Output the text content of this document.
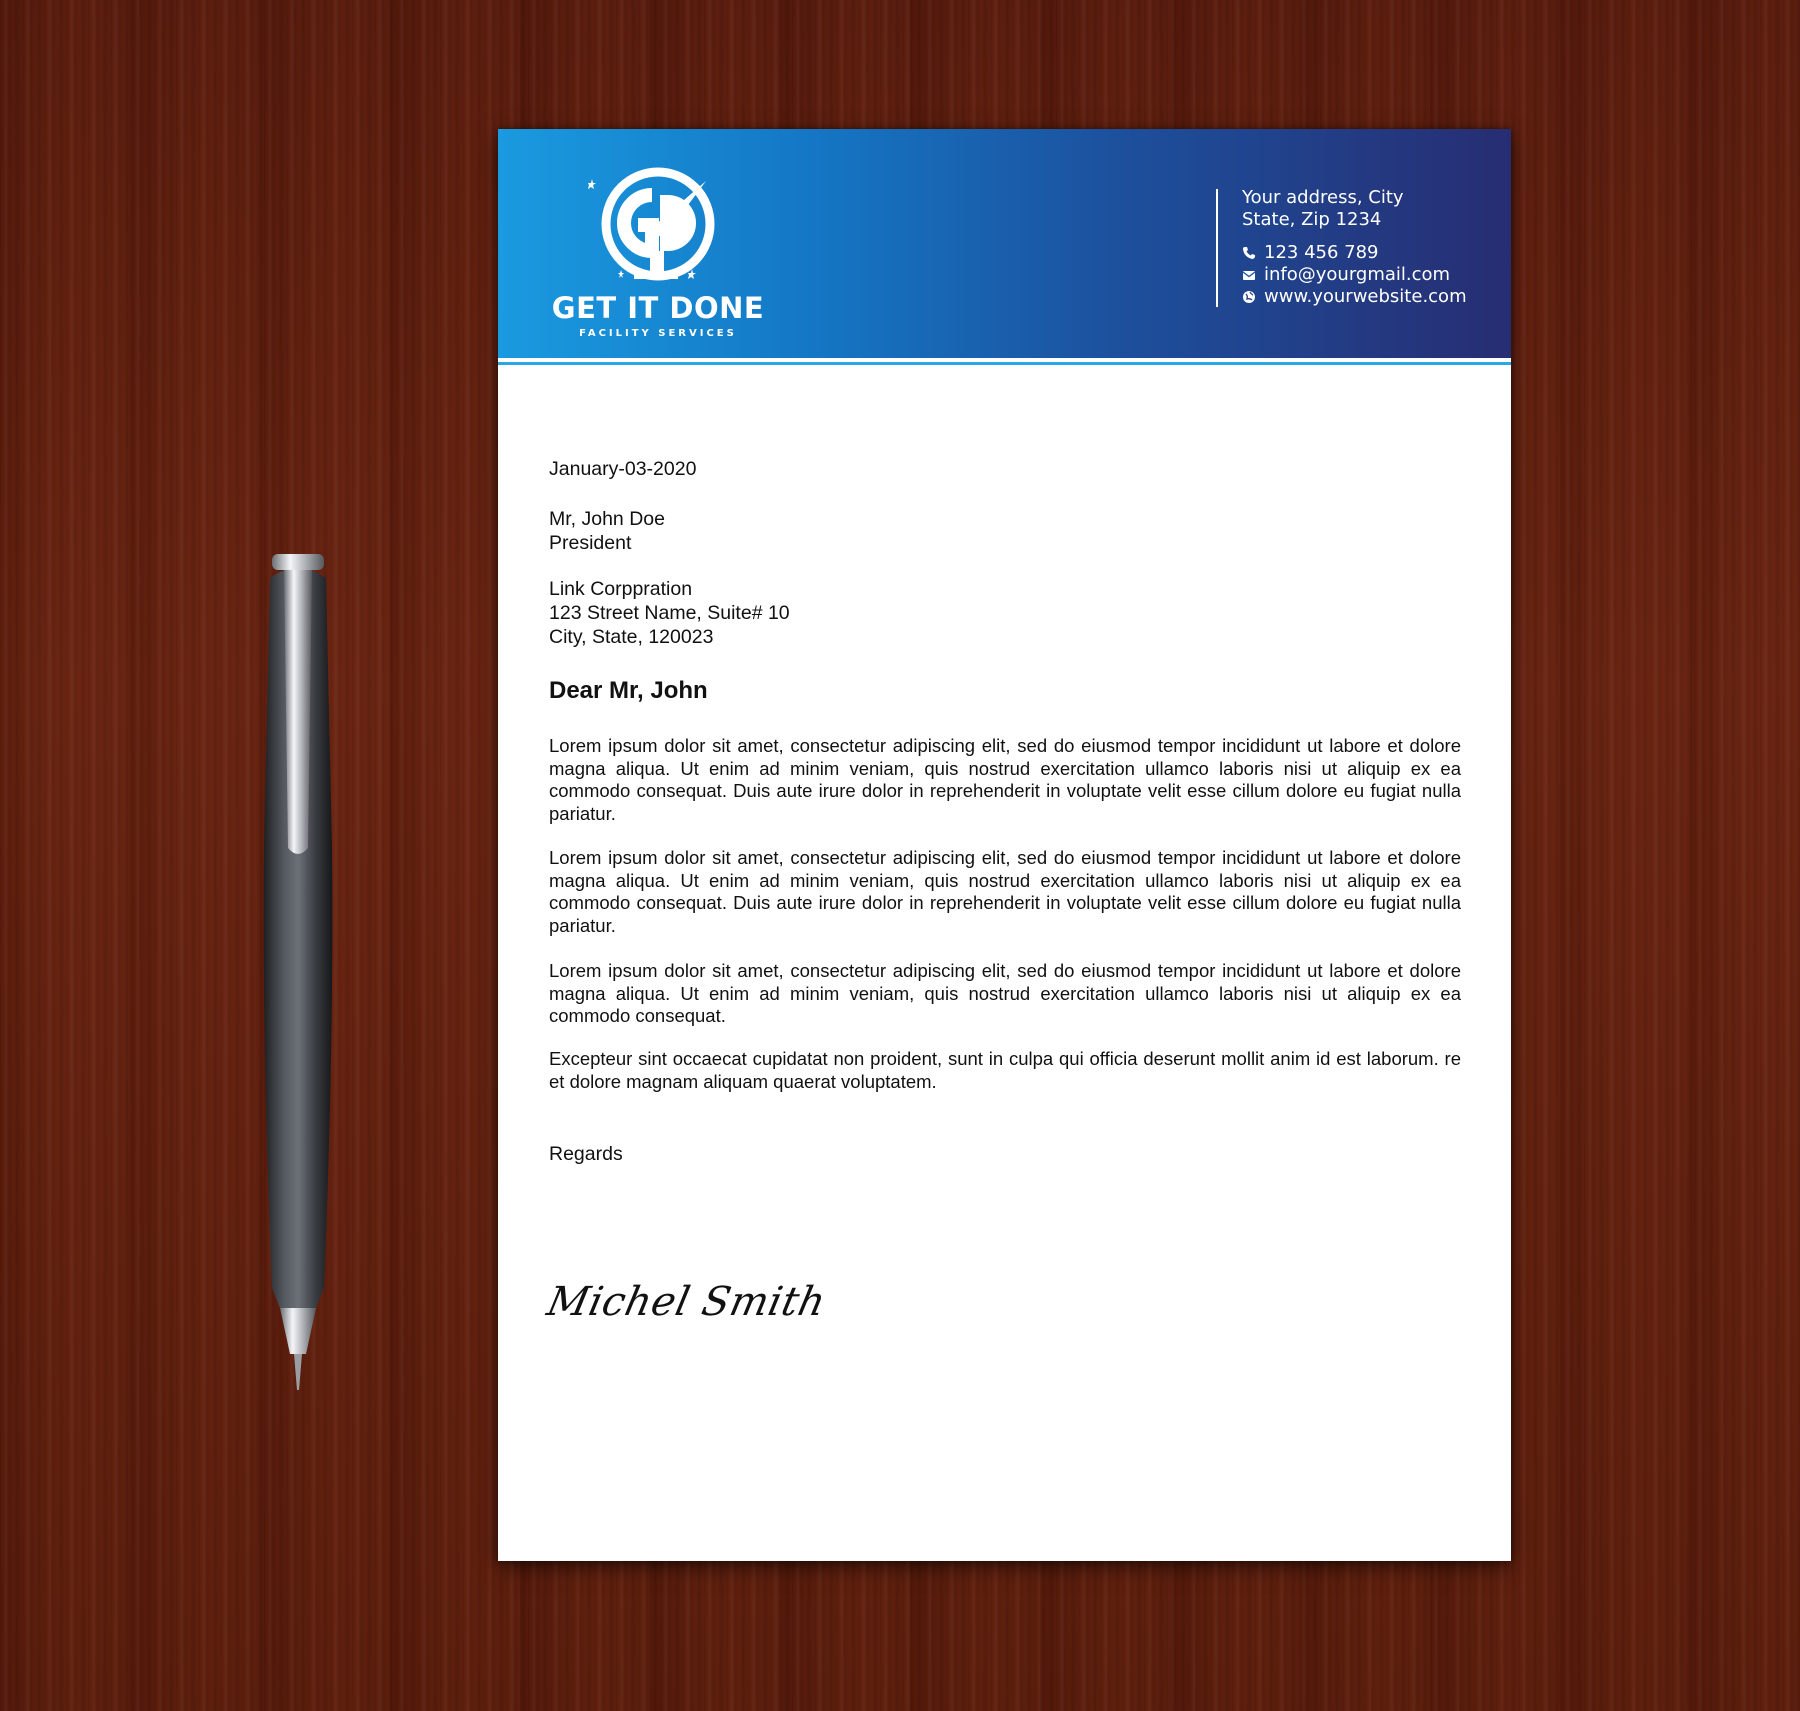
GET IT DONE
FACILITY SERVICES
Your address, City
State, Zip 1234
123 456 789
info@yourgmail.com
www.yourwebsite.com
January-03-2020
Mr, John Doe
President
Link Corppration
123 Street Name, Suite# 10
City, State, 120023
Dear Mr, John
Lorem ipsum dolor sit amet, consectetur adipiscing elit, sed do eiusmod tempor incididunt ut labore et dolore magna aliqua. Ut enim ad minim veniam, quis nostrud exercitation ullamco laboris nisi ut aliquip ex ea commodo consequat. Duis aute irure dolor in reprehenderit in voluptate velit esse cillum dolore eu fugiat nulla pariatur.
Lorem ipsum dolor sit amet, consectetur adipiscing elit, sed do eiusmod tempor incididunt ut labore et dolore magna aliqua. Ut enim ad minim veniam, quis nostrud exercitation ullamco laboris nisi ut aliquip ex ea commodo consequat. Duis aute irure dolor in reprehenderit in voluptate velit esse cillum dolore eu fugiat nulla pariatur.
Lorem ipsum dolor sit amet, consectetur adipiscing elit, sed do eiusmod tempor incididunt ut labore et dolore magna aliqua. Ut enim ad minim veniam, quis nostrud exercitation ullamco laboris nisi ut aliquip ex ea commodo consequat.
Excepteur sint occaecat cupidatat non proident, sunt in culpa qui officia deserunt mollit anim id est laborum. re et dolore magnam aliquam quaerat voluptatem.
Regards
Michel Smith
